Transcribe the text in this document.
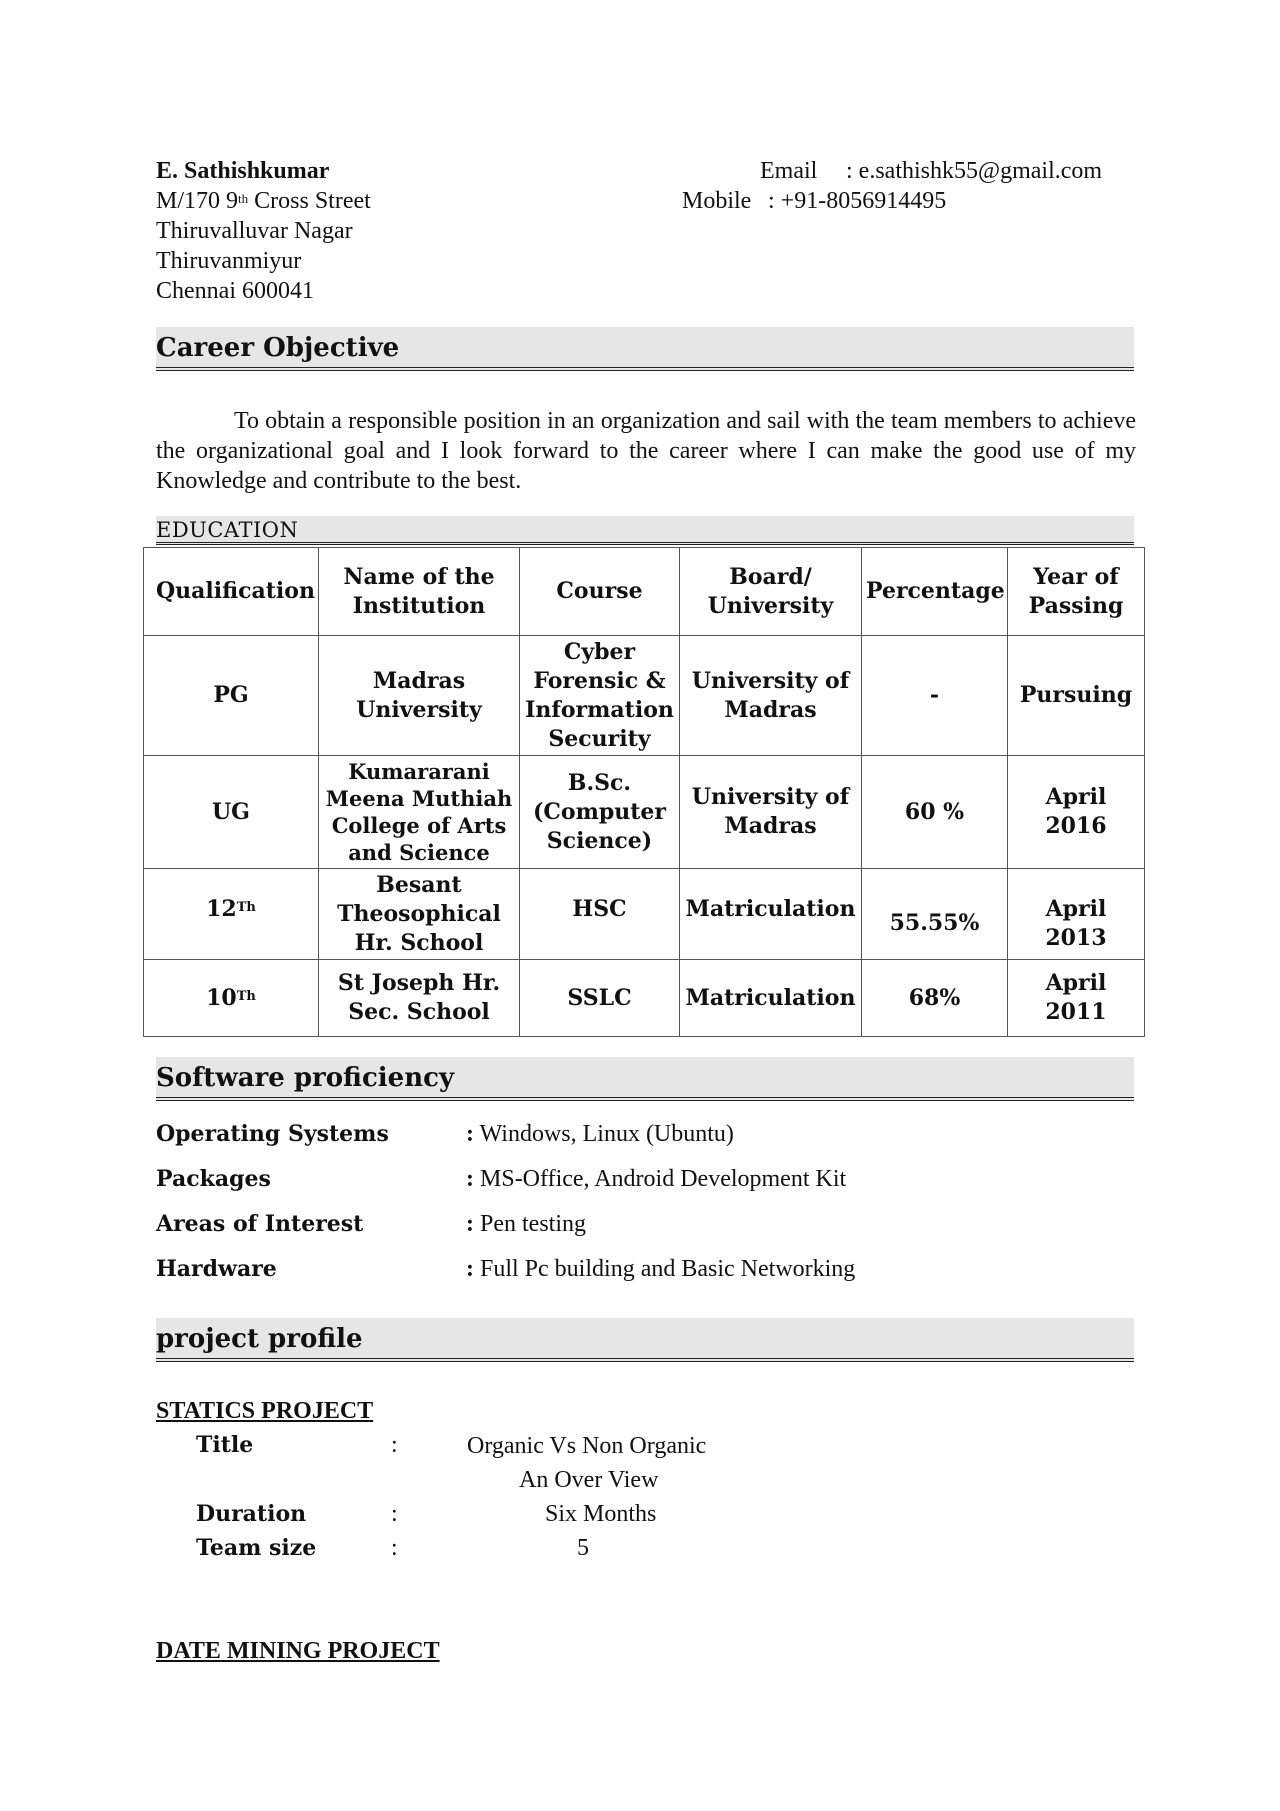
E. Sathishkumar
M/170 9th Cross Street
Thiruvalluvar Nagar
Thiruvanmiyur
Chennai 600041
Email : e.sathishk55@gmail.com
Mobile : +91-8056914495
Career Objective
To obtain a responsible position in an organization and sail with the team members to achieve the organizational goal and I look forward to the career where I can make the good use of my Knowledge and contribute to the best.
EDUCATION
Qualification	Name of the Institution	Course	Board/ University	Percentage	Year of Passing
PG	Madras University	Cyber Forensic & Information Security	University of Madras	-	Pursuing
UG	Kumararani Meena Muthiah College of Arts and Science	B.Sc. (Computer Science)	University of Madras	60 %	April 2016
12Th	Besant Theosophical Hr. School	HSC	Matriculation	55.55%	April 2013
10Th	St Joseph Hr. Sec. School	SSLC	Matriculation	68%	April 2011
Software proficiency
Operating Systems	: Windows, Linux (Ubuntu)
Packages	: MS-Office, Android Development Kit
Areas of Interest	: Pen testing
Hardware	: Full Pc building and Basic Networking
project profile
STATICS PROJECT
Title	:	Organic Vs Non Organic
An Over View
Duration	:	Six Months
Team size	:	5
DATE MINING PROJECT
